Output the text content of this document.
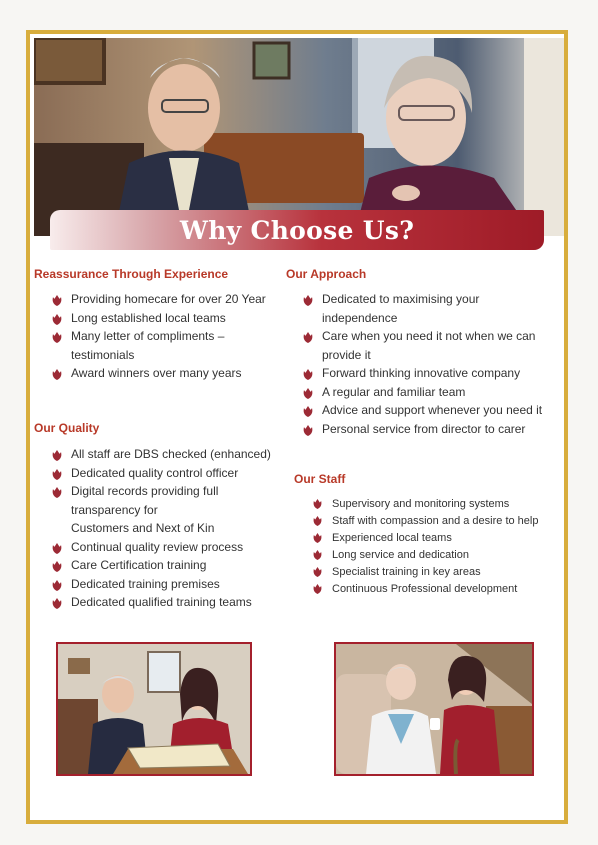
Why Choose Us?
Reassurance Through Experience
Providing homecare for over 20 Year
Long established local teams
Many letter of compliments –
testimonials
Award winners over many years
Our Approach
Dedicated to maximising your
independence
Care when you need it not when we can
provide it
Forward thinking innovative company
A regular and familiar team
Advice and support whenever you need it
Personal service from director to carer
Our Quality
All staff are DBS checked (enhanced)
Dedicated quality control officer
Digital records providing full
transparency for
Customers and Next of Kin
Continual quality review process
Care Certification training
Dedicated training premises
Dedicated qualified training teams
Our Staff
Supervisory and monitoring systems
Staff with compassion and a desire to help
Experienced local teams
Long service and dedication
Specialist training in key areas
Continuous Professional development
